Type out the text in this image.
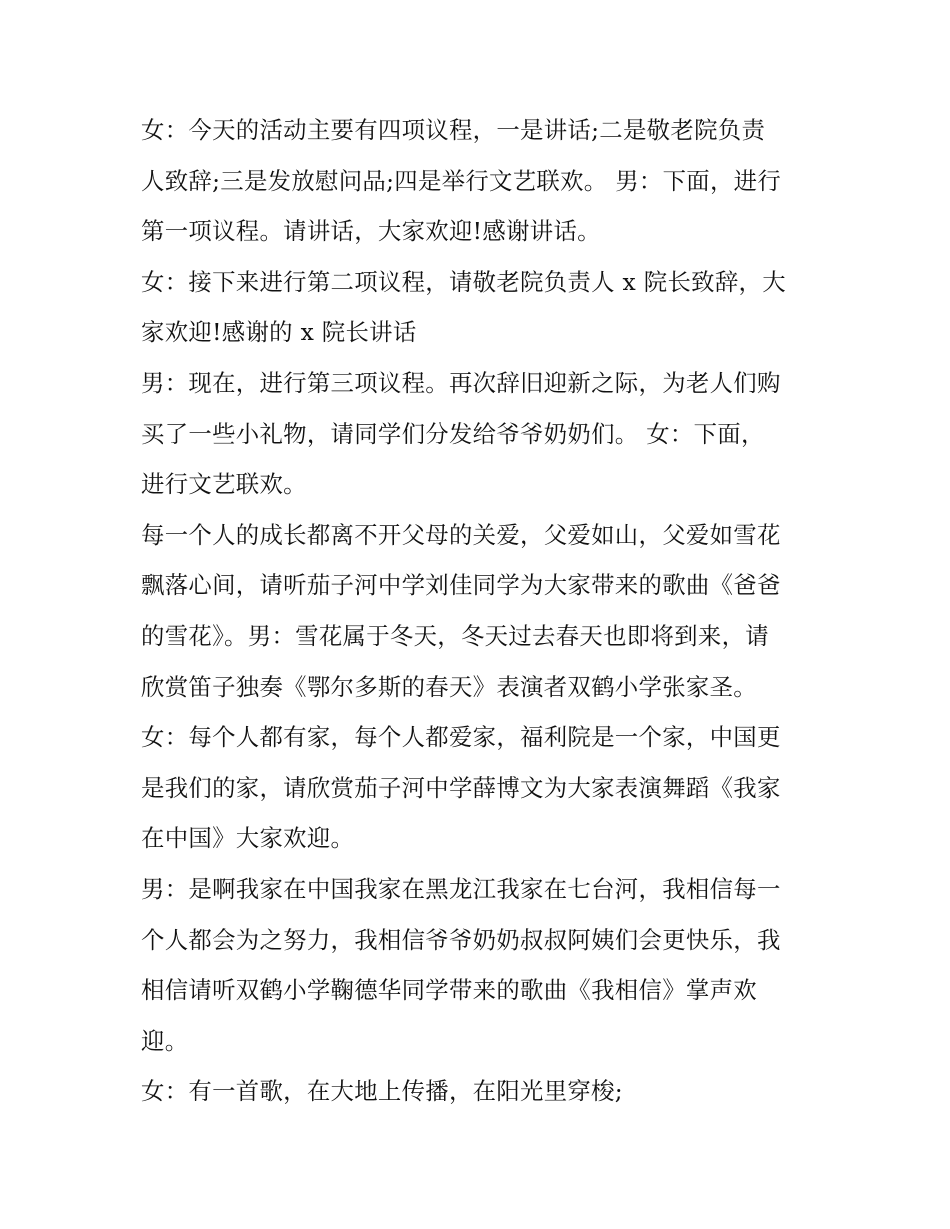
女：今天的活动主要有四项议程，一是讲话;二是敬老院负责
人致辞;三是发放慰问品;四是举行文艺联欢。 男：下面，进行
第一项议程。请讲话，大家欢迎!感谢讲话。

女：接下来进行第二项议程，请敬老院负责人 x 院长致辞，大
家欢迎!感谢的 x 院长讲话

男：现在，进行第三项议程。再次辞旧迎新之际，为老人们购
买了一些小礼物，请同学们分发给爷爷奶奶们。 女：下面，
进行文艺联欢。

每一个人的成长都离不开父母的关爱，父爱如山，父爱如雪花
飘落心间，请听茄子河中学刘佳同学为大家带来的歌曲《爸爸
的雪花》。男：雪花属于冬天，冬天过去春天也即将到来，请
欣赏笛子独奏《鄂尔多斯的春天》表演者双鹤小学张家圣。

女：每个人都有家，每个人都爱家，福利院是一个家，中国更
是我们的家，请欣赏茄子河中学薛博文为大家表演舞蹈《我家
在中国》大家欢迎。

男：是啊我家在中国我家在黑龙江我家在七台河，我相信每一
个人都会为之努力，我相信爷爷奶奶叔叔阿姨们会更快乐，我
相信请听双鹤小学鞠德华同学带来的歌曲《我相信》掌声欢
迎。

女：有一首歌，在大地上传播，在阳光里穿梭;
